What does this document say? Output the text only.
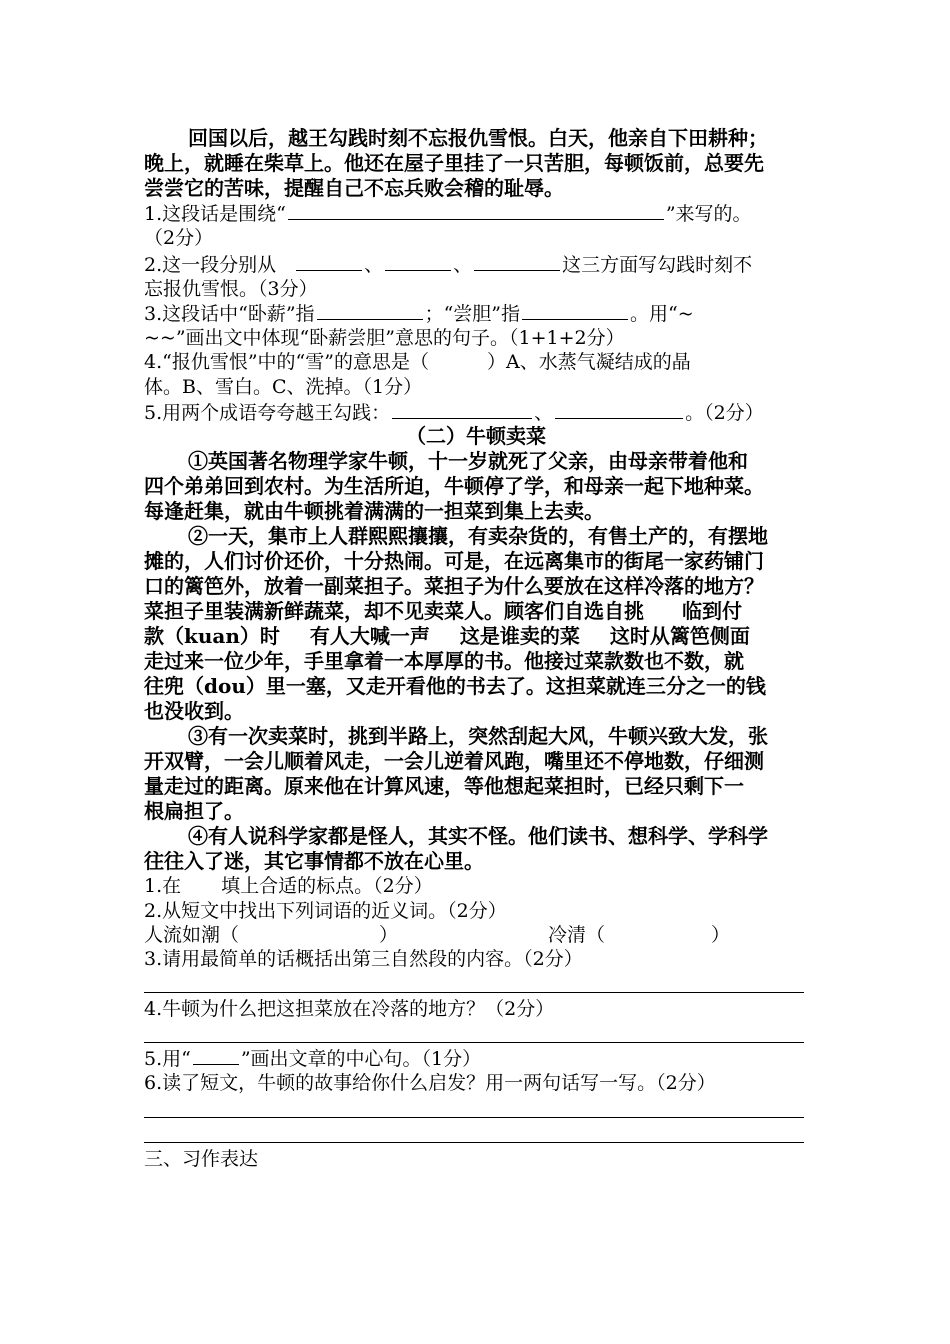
回国以后，越王勾践时刻不忘报仇雪恨。白天，他亲自下田耕种；
晚上，就睡在柴草上。他还在屋子里挂了一只苦胆，每顿饭前，总要先
尝尝它的苦味，提醒自己不忘兵败会稽的耻辱。
1.这段话是围绕“	”来写的。
（2分）
2.这一段分别从	、	、	这三方面写勾践时刻不
忘报仇雪恨。（3分）
3.这段话中“卧薪”指	；“尝胆”指	。用“~
~~”画出文中体现“卧薪尝胆”意思的句子。（1+1+2分）
4.“报仇雪恨”中的“雪”的意思是（	）A、水蒸气凝结成的晶
体。B、雪白。C、洗掉。（1分）
5.用两个成语夸夸越王勾践：	、	。（2分）
（二）牛顿卖菜
①英国著名物理学家牛顿，十一岁就死了父亲，由母亲带着他和
四个弟弟回到农村。为生活所迫，牛顿停了学，和母亲一起下地种菜。
每逢赶集，就由牛顿挑着满满的一担菜到集上去卖。
②一天，集市上人群熙熙攘攘，有卖杂货的，有售土产的，有摆地
摊的，人们讨价还价，十分热闹。可是，在远离集市的街尾一家药铺门
口的篱笆外，放着一副菜担子。菜担子为什么要放在这样冷落的地方？
菜担子里装满新鲜蔬菜，却不见卖菜人。顾客们自选自挑 临到付
款（kuan）时 有人大喊一声 这是谁卖的菜 这时从篱笆侧面
走过来一位少年，手里拿着一本厚厚的书。他接过菜款数也不数，就
往兜（dou）里一塞，又走开看他的书去了。这担菜就连三分之一的钱
也没收到。
③有一次卖菜时，挑到半路上，突然刮起大风，牛顿兴致大发，张
开双臂，一会儿顺着风走，一会儿逆着风跑，嘴里还不停地数，仔细测
量走过的距离。原来他在计算风速，等他想起菜担时，已经只剩下一
根扁担了。
④有人说科学家都是怪人，其实不怪。他们读书、想科学、学科学
往往入了迷，其它事情都不放在心里。
1.在 填上合适的标点。（2分）
2.从短文中找出下列词语的近义词。（2分）
人流如潮（	）	冷清（	）
3.请用最简单的话概括出第三自然段的内容。（2分）
4.牛顿为什么把这担菜放在冷落的地方？（2分）
5.用“	”画出文章的中心句。（1分）
6.读了短文，牛顿的故事给你什么启发？用一两句话写一写。（2分）
三、习作表达
